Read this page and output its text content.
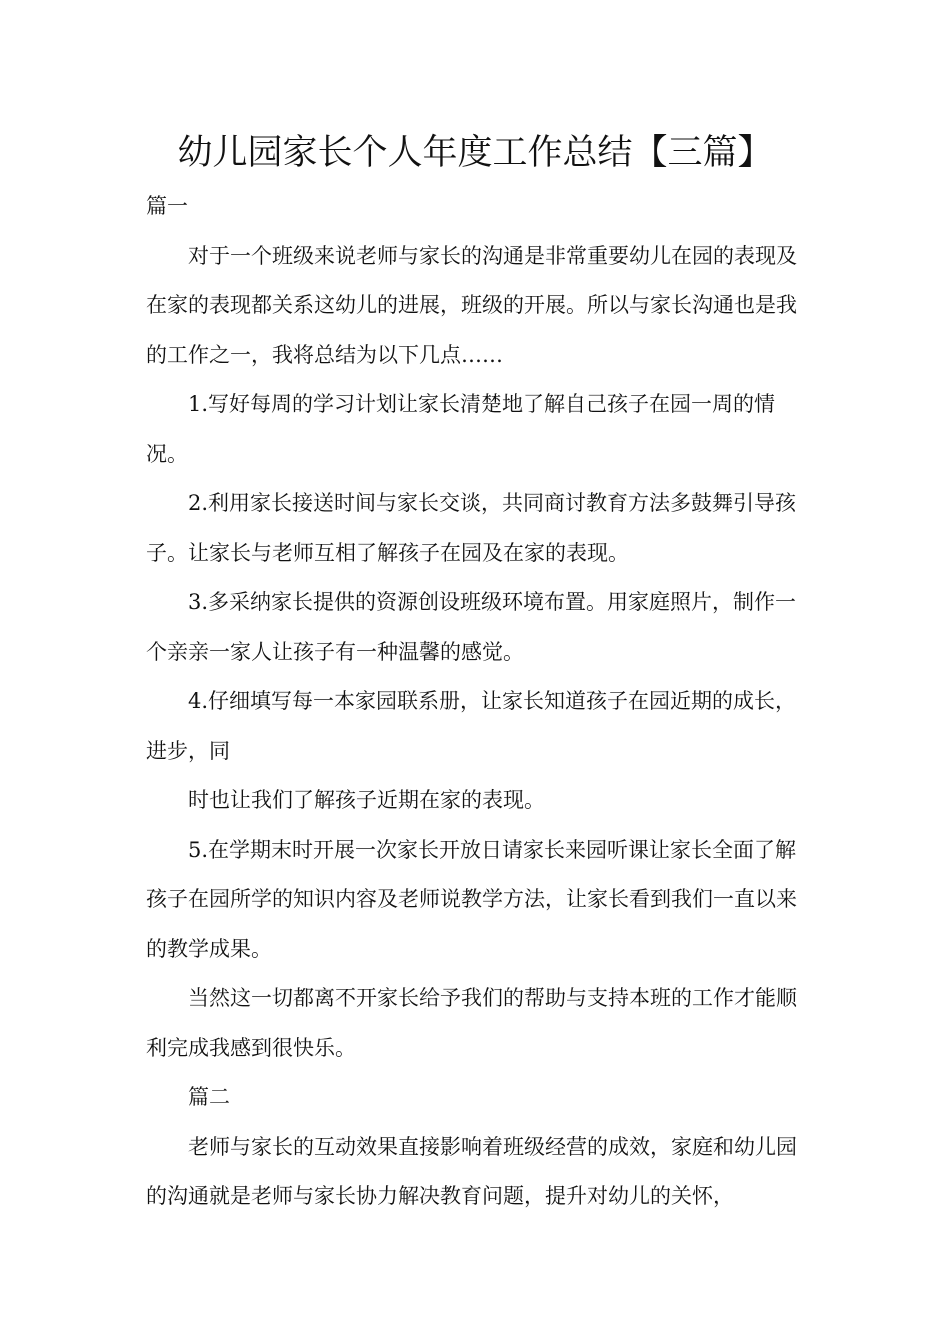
幼儿园家长个人年度工作总结【三篇】

篇一

对于一个班级来说老师与家长的沟通是非常重要幼儿在园的表现及在家的表现都关系这幼儿的进展，班级的开展。所以与家长沟通也是我的工作之一，我将总结为以下几点……

1.写好每周的学习计划让家长清楚地了解自己孩子在园一周的情况。

2.利用家长接送时间与家长交谈，共同商讨教育方法多鼓舞引导孩子。让家长与老师互相了解孩子在园及在家的表现。

3.多采纳家长提供的资源创设班级环境布置。用家庭照片，制作一个亲亲一家人让孩子有一种温馨的感觉。

4.仔细填写每一本家园联系册，让家长知道孩子在园近期的成长，进步，同

时也让我们了解孩子近期在家的表现。

5.在学期末时开展一次家长开放日请家长来园听课让家长全面了解孩子在园所学的知识内容及老师说教学方法，让家长看到我们一直以来的教学成果。

当然这一切都离不开家长给予我们的帮助与支持本班的工作才能顺利完成我感到很快乐。

篇二

老师与家长的互动效果直接影响着班级经营的成效，家庭和幼儿园的沟通就是老师与家长协力解决教育问题，提升对幼儿的关怀，
